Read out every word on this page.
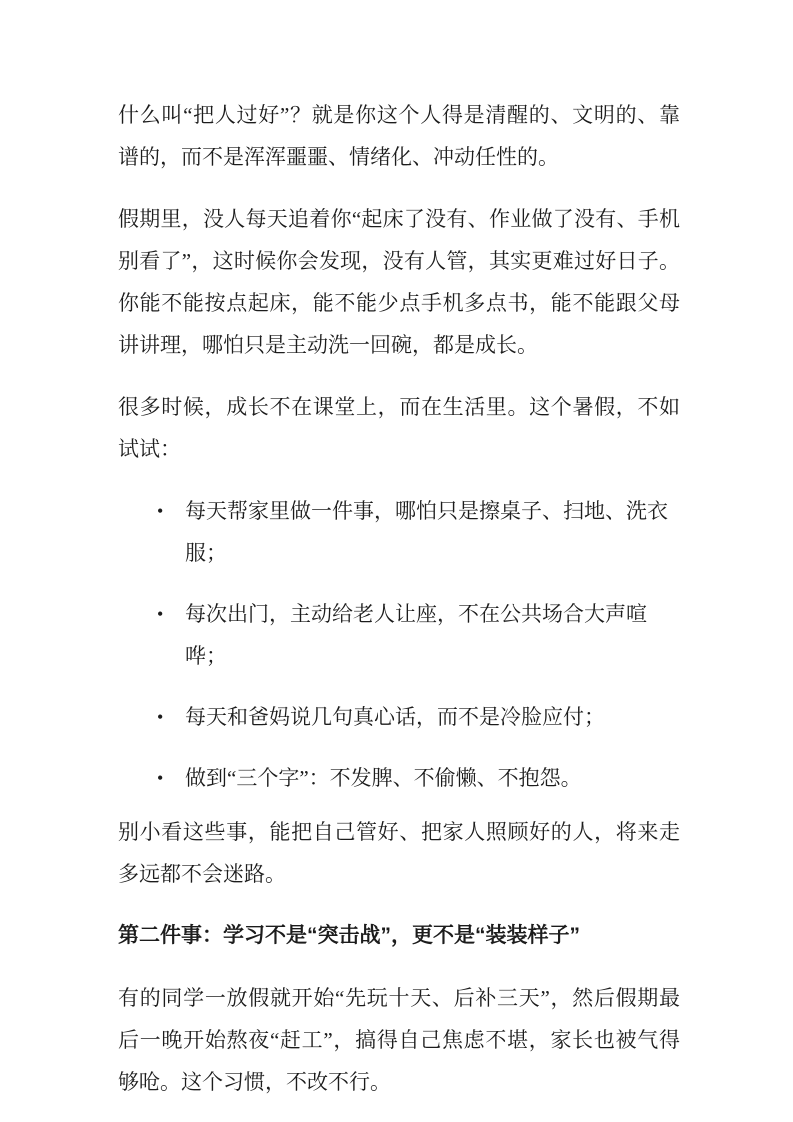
什么叫“把人过好”？就是你这个人得是清醒的、文明的、靠谱的，而不是浑浑噩噩、情绪化、冲动任性的。

假期里，没人每天追着你“起床了没有、作业做了没有、手机别看了”，这时候你会发现，没有人管，其实更难过好日子。你能不能按点起床，能不能少点手机多点书，能不能跟父母讲讲理，哪怕只是主动洗一回碗，都是成长。

很多时候，成长不在课堂上，而在生活里。这个暑假，不如试试：

• 每天帮家里做一件事，哪怕只是擦桌子、扫地、洗衣服；
• 每次出门，主动给老人让座，不在公共场合大声喧哗；
• 每天和爸妈说几句真心话，而不是冷脸应付；
• 做到“三个字”：不发脾、不偷懒、不抱怨。

别小看这些事，能把自己管好、把家人照顾好的人，将来走多远都不会迷路。

第二件事：学习不是“突击战”，更不是“装装样子”

有的同学一放假就开始“先玩十天、后补三天”，然后假期最后一晚开始熬夜“赶工”，搞得自己焦虑不堪，家长也被气得够呛。这个习惯，不改不行。
